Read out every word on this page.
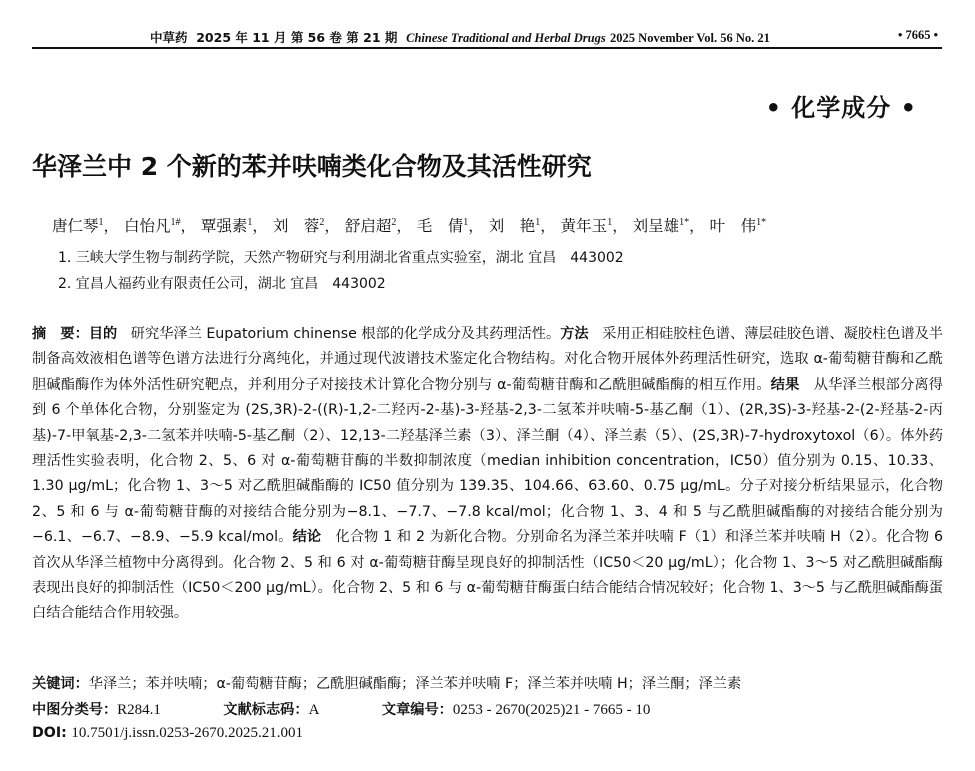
中草药 2025 年 11 月 第 56 卷 第 21 期 Chinese Traditional and Herbal Drugs 2025 November Vol. 56 No. 21	• 7665 •
• 化学成分 •
华泽兰中 2 个新的苯并呋喃类化合物及其活性研究
唐仁琴$^1$， 白怡凡$^{1\#}$， 覃强素$^1$， 刘　蓉$^2$， 舒启超$^2$， 毛　倩$^1$， 刘　艳$^1$， 黄年玉$^1$， 刘呈雄$^{1*}$， 叶　伟$^{1*}$
1. 三峡大学生物与制药学院，天然产物研究与利用湖北省重点实验室，湖北 宜昌　443002
2. 宜昌人福药业有限责任公司，湖北 宜昌　443002
摘　要：目的 研究华泽兰 Eupatorium chinense 根部的化学成分及其药理活性。方法 采用正相硅胶柱色谱、薄层硅胶色谱、凝胶柱色谱及半制备高效液相色谱等色谱方法进行分离纯化，并通过现代波谱技术鉴定化合物结构。对化合物开展体外药理活性研究，选取 α-葡萄糖苷酶和乙酰胆碱酯酶作为体外活性研究靶点，并利用分子对接技术计算化合物分别与 α-葡萄糖苷酶和乙酰胆碱酯酶的相互作用。结果 从华泽兰根部分离得到 6 个单体化合物，分别鉴定为 (2S,3R)-2-((R)-1,2-二羟丙-2-基)-3-羟基-2,3-二氢苯并呋喃-5-基乙酮（1）、(2R,3S)-3-羟基-2-(2-羟基-2-丙基)-7-甲氧基-2,3-二氢苯并呋喃-5-基乙酮（2）、12,13-二羟基泽兰素（3）、泽兰酮（4）、泽兰素（5）、(2S,3R)-7-hydroxytoxol（6）。体外药理活性实验表明，化合物 2、5、6 对 α-葡萄糖苷酶的半数抑制浓度（median inhibition concentration，IC50）值分别为 0.15、10.33、1.30 μg/mL；化合物 1、3～5 对乙酰胆碱酯酶的 IC50 值分别为 139.35、104.66、63.60、0.75 μg/mL。分子对接分析结果显示，化合物 2、5 和 6 与 α-葡萄糖苷酶的对接结合能分别为−8.1、−7.7、−7.8 kcal/mol；化合物 1、3、4 和 5 与乙酰胆碱酯酶的对接结合能分别为−6.1、−6.7、−8.9、−5.9 kcal/mol。结论 化合物 1 和 2 为新化合物。分别命名为泽兰苯并呋喃 F（1）和泽兰苯并呋喃 H（2）。化合物 6 首次从华泽兰植物中分离得到。化合物 2、5 和 6 对 α-葡萄糖苷酶呈现良好的抑制活性（IC50＜20 μg/mL）；化合物 1、3～5 对乙酰胆碱酯酶表现出良好的抑制活性（IC50＜200 μg/mL）。化合物 2、5 和 6 与 α-葡萄糖苷酶蛋白结合能结合情况较好；化合物 1、3～5 与乙酰胆碱酯酶蛋白结合能结合作用较强。
关键词：华泽兰；苯并呋喃；α-葡萄糖苷酶；乙酰胆碱酯酶；泽兰苯并呋喃 F；泽兰苯并呋喃 H；泽兰酮；泽兰素
中图分类号：R284.1	文献标志码：A	文章编号：0253 - 2670(2025)21 - 7665 - 10
DOI: 10.7501/j.issn.0253-2670.2025.21.001
